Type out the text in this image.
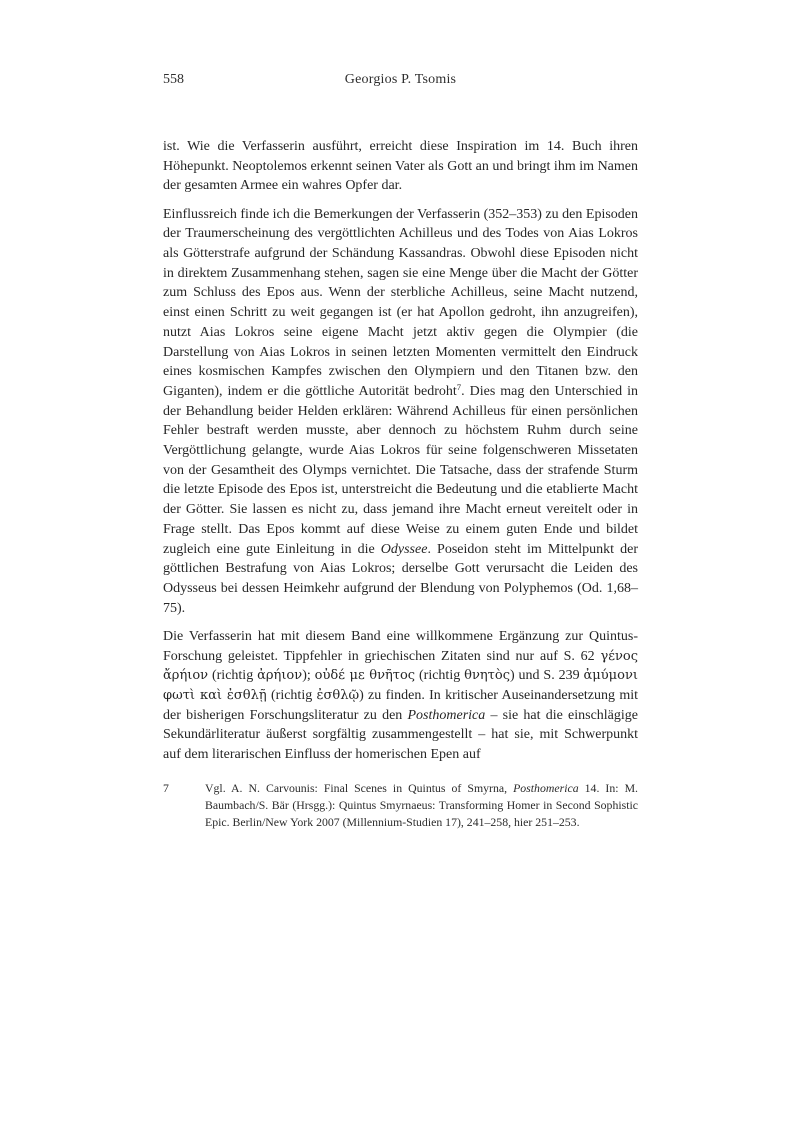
558	Georgios P. Tsomis

ist. Wie die Verfasserin ausführt, erreicht diese Inspiration im 14. Buch ihren Höhepunkt. Neoptolemos erkennt seinen Vater als Gott an und bringt ihm im Namen der gesamten Armee ein wahres Opfer dar.

Einflussreich finde ich die Bemerkungen der Verfasserin (352–353) zu den Episoden der Traumerscheinung des vergöttlichten Achilleus und des Todes von Aias Lokros als Götterstrafe aufgrund der Schändung Kassandras. Obwohl diese Episoden nicht in direktem Zusammenhang stehen, sagen sie eine Menge über die Macht der Götter zum Schluss des Epos aus. Wenn der sterbliche Achilleus, seine Macht nutzend, einst einen Schritt zu weit gegangen ist (er hat Apollon gedroht, ihn anzugreifen), nutzt Aias Lokros seine eigene Macht jetzt aktiv gegen die Olympier (die Darstellung von Aias Lokros in seinen letzten Momenten vermittelt den Eindruck eines kosmischen Kampfes zwischen den Olympiern und den Titanen bzw. den Giganten), indem er die göttliche Autorität bedroht$^7$. Dies mag den Unterschied in der Behandlung beider Helden erklären: Während Achilleus für einen persönlichen Fehler bestraft werden musste, aber dennoch zu höchstem Ruhm durch seine Vergöttlichung gelangte, wurde Aias Lokros für seine folgenschweren Missetaten von der Gesamtheit des Olymps vernichtet. Die Tatsache, dass der strafende Sturm die letzte Episode des Epos ist, unterstreicht die Bedeutung und die etablierte Macht der Götter. Sie lassen es nicht zu, dass jemand ihre Macht erneut vereitelt oder in Frage stellt. Das Epos kommt auf diese Weise zu einem guten Ende und bildet zugleich eine gute Einleitung in die Odyssee. Poseidon steht im Mittelpunkt der göttlichen Bestrafung von Aias Lokros; derselbe Gott verursacht die Leiden des Odysseus bei dessen Heimkehr aufgrund der Blendung von Polyphemos (Od. 1,68–75).

Die Verfasserin hat mit diesem Band eine willkommene Ergänzung zur Quintus-Forschung geleistet. Tippfehler in griechischen Zitaten sind nur auf S. 62 γένος ἄρήιον (richtig ἀρήιον); οὐδέ με θνῆτος (richtig θνητὸς) und S. 239 ἀμύμονι φωτὶ καὶ ἐσθλῇ (richtig ἐσθλῷ) zu finden. In kritischer Auseinandersetzung mit der bisherigen Forschungsliteratur zu den Posthomerica – sie hat die einschlägige Sekundärliteratur äußerst sorgfältig zusammengestellt – hat sie, mit Schwerpunkt auf dem literarischen Einfluss der homerischen Epen auf

7	Vgl. A. N. Carvounis: Final Scenes in Quintus of Smyrna, Posthomerica 14. In: M. Baumbach/S. Bär (Hrsgg.): Quintus Smyrnaeus: Transforming Homer in Second Sophistic Epic. Berlin/New York 2007 (Millennium-Studien 17), 241–258, hier 251–253.
